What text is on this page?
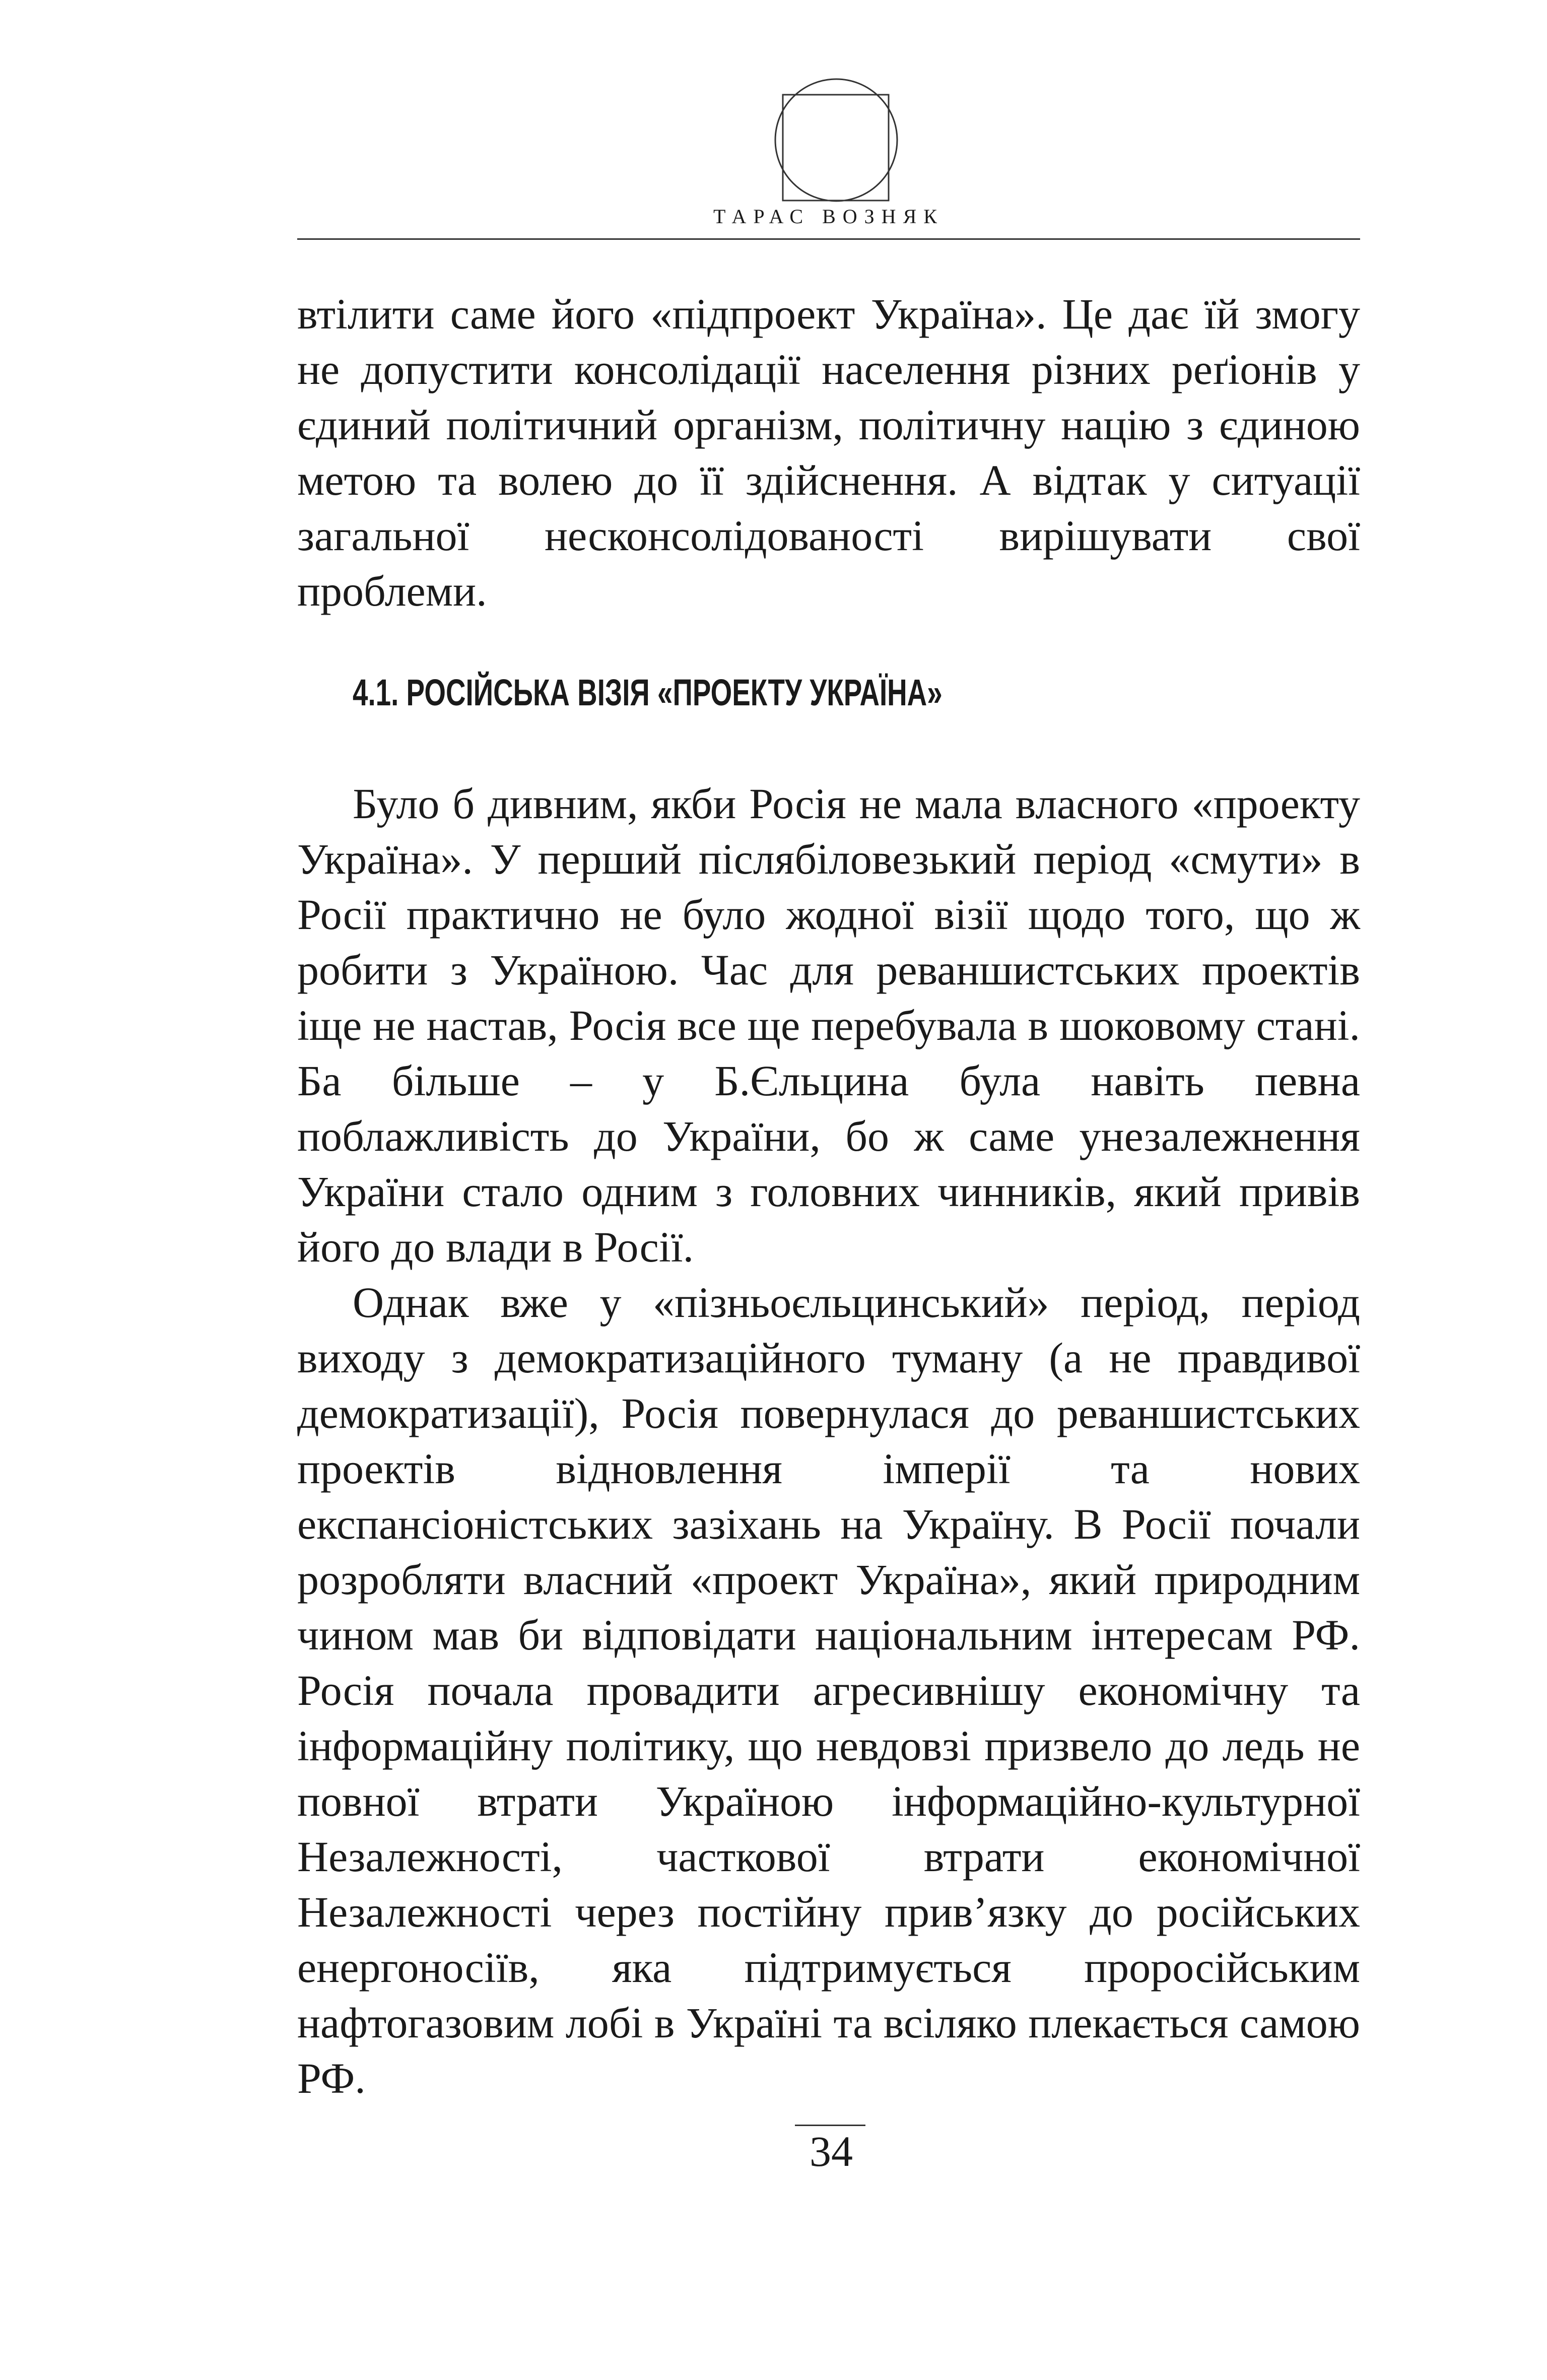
ТАРАС ВОЗНЯК

втілити саме його «підпроект Україна». Це дає їй змогу не допустити консолідації населення різних реґіонів у єдиний політичний організм, політичну націю з єдиною метою та волею до її здійснення. А відтак у ситуації загальної несконсолідованості вирішувати свої проблеми.

4.1. РОСІЙСЬКА ВІЗІЯ «ПРОЕКТУ УКРАЇНА»

Було б дивним, якби Росія не мала власного «проекту Україна». У перший післябіловезький період «смути» в Росії практично не було жодної візії щодо того, що ж робити з Україною. Час для реваншистських проектів іще не настав, Росія все ще перебувала в шоковому стані. Ба більше – у Б.Єльцина була навіть певна поблажливість до України, бо ж саме унезалежнення України стало одним з головних чинників, який привів його до влади в Росії.

Однак вже у «пізньоєльцинський» період, період виходу з демократизаційного туману (а не правдивої демократизації), Росія повернулася до реваншистських проектів відновлення імперії та нових експансіоністських зазіхань на Україну. В Росії почали розробляти власний «проект Україна», який природним чином мав би відповідати національним інтересам РФ. Росія почала провадити агресивнішу економічну та інформаційну політику, що невдовзі призвело до ледь не повної втрати Україною інформаційно-культурної Незалежності, часткової втрати економічної Незалежності через постійну прив’язку до російських енергоносіїв, яка підтримується проросійським нафтогазовим лобі в Україні та всіляко плекається самою РФ.

34
